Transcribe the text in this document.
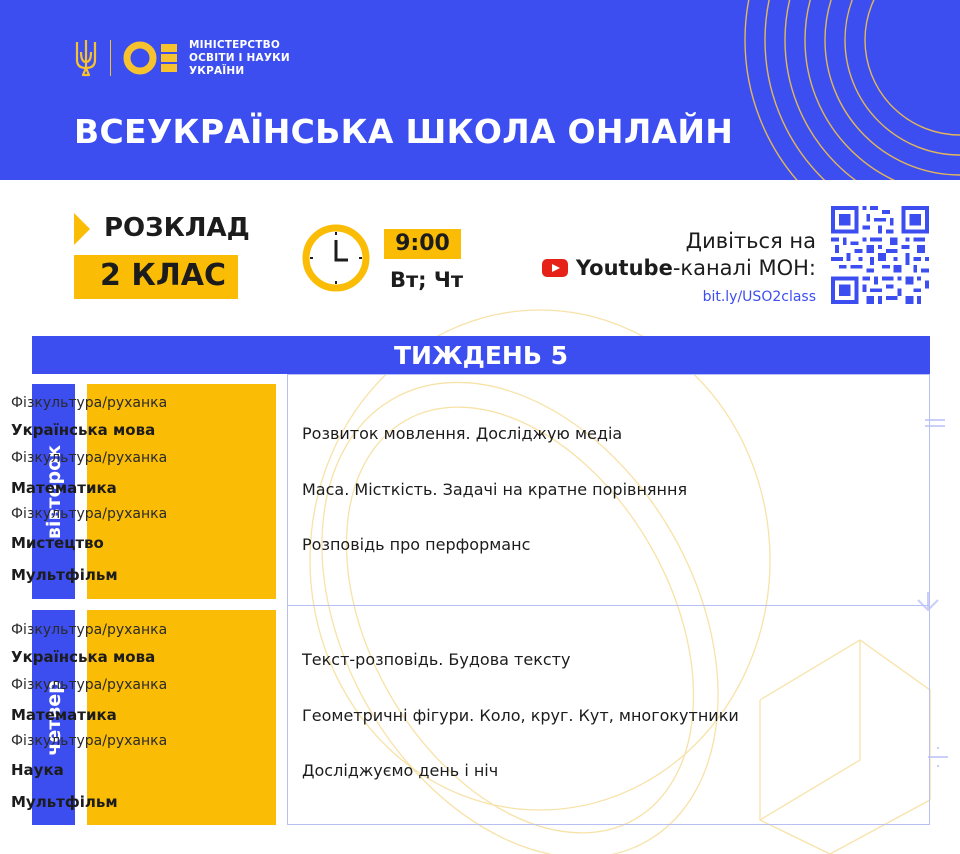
МІНІСТЕРСТВО
ОСВІТИ І НАУКИ
УКРАЇНИ
ВСЕУКРАЇНСЬКА ШКОЛА ОНЛАЙН
РОЗКЛАД
2 КЛАС
9:00
Вт; Чт
Дивіться на
Youtube -каналі МОН:
bit.ly/USO2class
ТИЖДЕНЬ 5
вівторок
Фізкультура/руханка
Українська мова
Фізкультура/руханка
Математика
Фізкультура/руханка
Мистецтво
Мультфільм
Розвиток мовлення. Досліджую медіа
Маса. Місткість. Задачі на кратне порівняння
Розповідь про перформанс
четвер
Фізкультура/руханка
Українська мова
Фізкультура/руханка
Математика
Фізкультура/руханка
Наука
Мультфільм
Текст-розповідь. Будова тексту
Геометричні фігури. Коло, круг. Кут, многокутники
Досліджуємо день і ніч
